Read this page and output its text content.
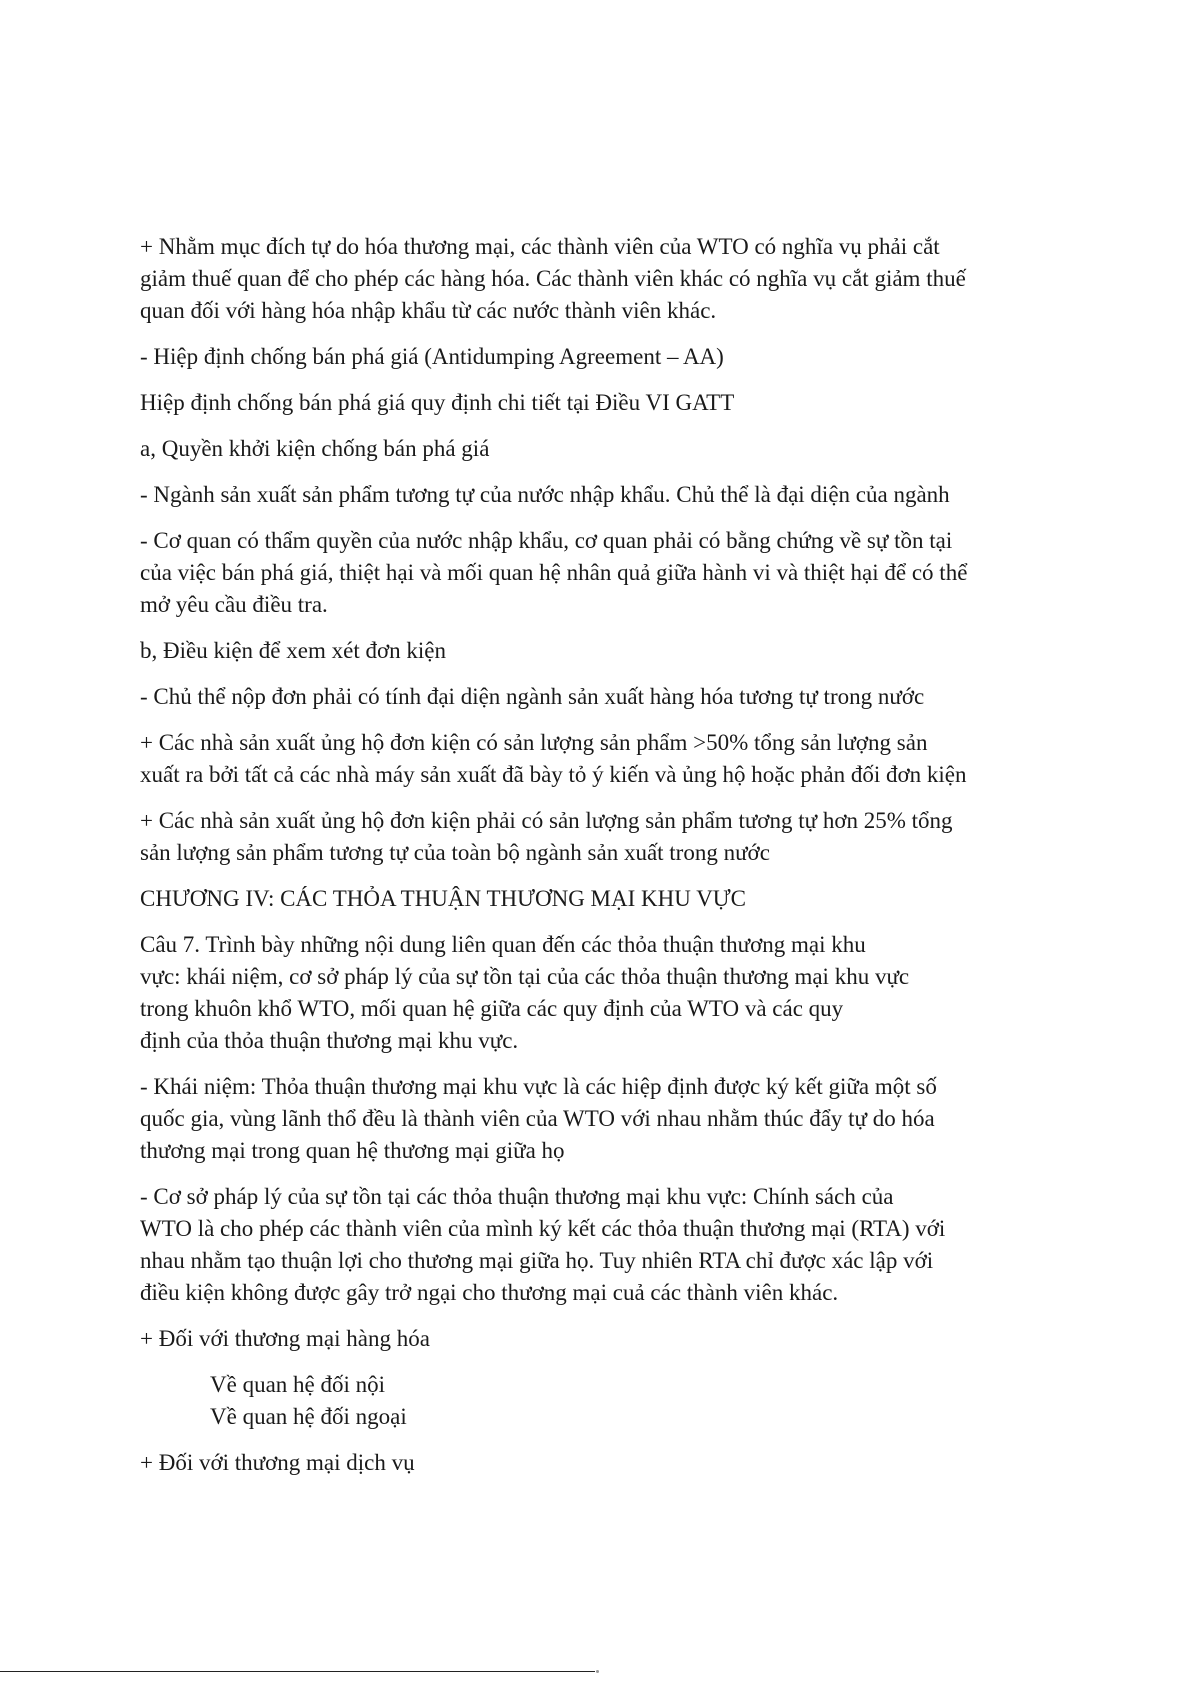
+ Nhằm mục đích tự do hóa thương mại, các thành viên của WTO có nghĩa vụ phải cắt
giảm thuế quan để cho phép các hàng hóa. Các thành viên khác có nghĩa vụ cắt giảm thuế
quan đối với hàng hóa nhập khẩu từ các nước thành viên khác.

- Hiệp định chống bán phá giá (Antidumping Agreement – AA)

Hiệp định chống bán phá giá quy định chi tiết tại Điều VI GATT

a, Quyền khởi kiện chống bán phá giá

- Ngành sản xuất sản phẩm tương tự của nước nhập khẩu. Chủ thể là đại diện của ngành

- Cơ quan có thẩm quyền của nước nhập khẩu, cơ quan phải có bằng chứng về sự tồn tại
của việc bán phá giá, thiệt hại và mối quan hệ nhân quả giữa hành vi và thiệt hại để có thể
mở yêu cầu điều tra.

b, Điều kiện để xem xét đơn kiện

- Chủ thể nộp đơn phải có tính đại diện ngành sản xuất hàng hóa tương tự trong nước

+ Các nhà sản xuất ủng hộ đơn kiện có sản lượng sản phẩm >50% tổng sản lượng sản
xuất ra bởi tất cả các nhà máy sản xuất đã bày tỏ ý kiến và ủng hộ hoặc phản đối đơn kiện

+ Các nhà sản xuất ủng hộ đơn kiện phải có sản lượng sản phẩm tương tự hơn 25% tổng
sản lượng sản phẩm tương tự của toàn bộ ngành sản xuất trong nước

CHƯƠNG IV: CÁC THỎA THUẬN THƯƠNG MẠI KHU VỰC

Câu 7. Trình bày những nội dung liên quan đến các thỏa thuận thương mại khu
vực: khái niệm, cơ sở pháp lý của sự tồn tại của các thỏa thuận thương mại khu vực
trong khuôn khổ WTO, mối quan hệ giữa các quy định của WTO và các quy
định của thỏa thuận thương mại khu vực.

- Khái niệm: Thỏa thuận thương mại khu vực là các hiệp định được ký kết giữa một số
quốc gia, vùng lãnh thổ đều là thành viên của WTO với nhau nhằm thúc đẩy tự do hóa
thương mại trong quan hệ thương mại giữa họ

- Cơ sở pháp lý của sự tồn tại các thỏa thuận thương mại khu vực: Chính sách của
WTO là cho phép các thành viên của mình ký kết các thỏa thuận thương mại (RTA) với
nhau nhằm tạo thuận lợi cho thương mại giữa họ. Tuy nhiên RTA chỉ được xác lập với
điều kiện không được gây trở ngại cho thương mại cuả các thành viên khác.

+ Đối với thương mại hàng hóa

Về quan hệ đối nội
Về quan hệ đối ngoại

+ Đối với thương mại dịch vụ
